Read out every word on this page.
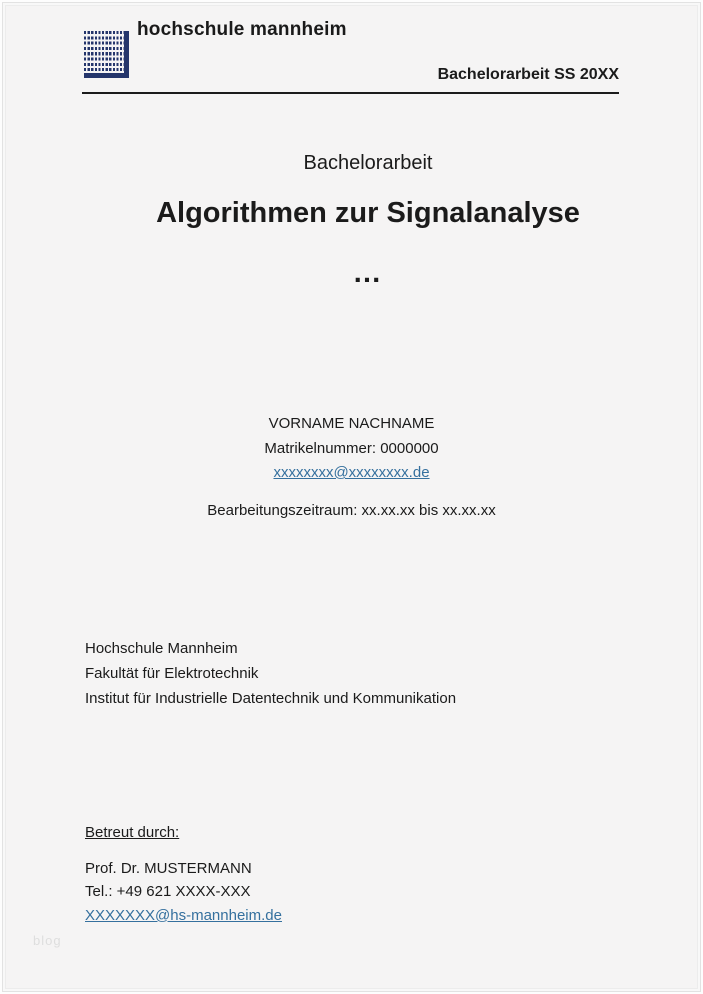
hochschule mannheim
Bachelorarbeit SS 20XX
Bachelorarbeit
Algorithmen zur Signalanalyse
…
VORNAME NACHNAME
Matrikelnummer: 0000000
xxxxxxxx@xxxxxxxx.de
Bearbeitungszeitraum: xx.xx.xx bis xx.xx.xx
Hochschule Mannheim
Fakultät für Elektrotechnik
Institut für Industrielle Datentechnik und Kommunikation
Betreut durch:
Prof. Dr. MUSTERMANN
Tel.: +49 621 XXXX-XXX
XXXXXXX@hs-mannheim.de
blog
